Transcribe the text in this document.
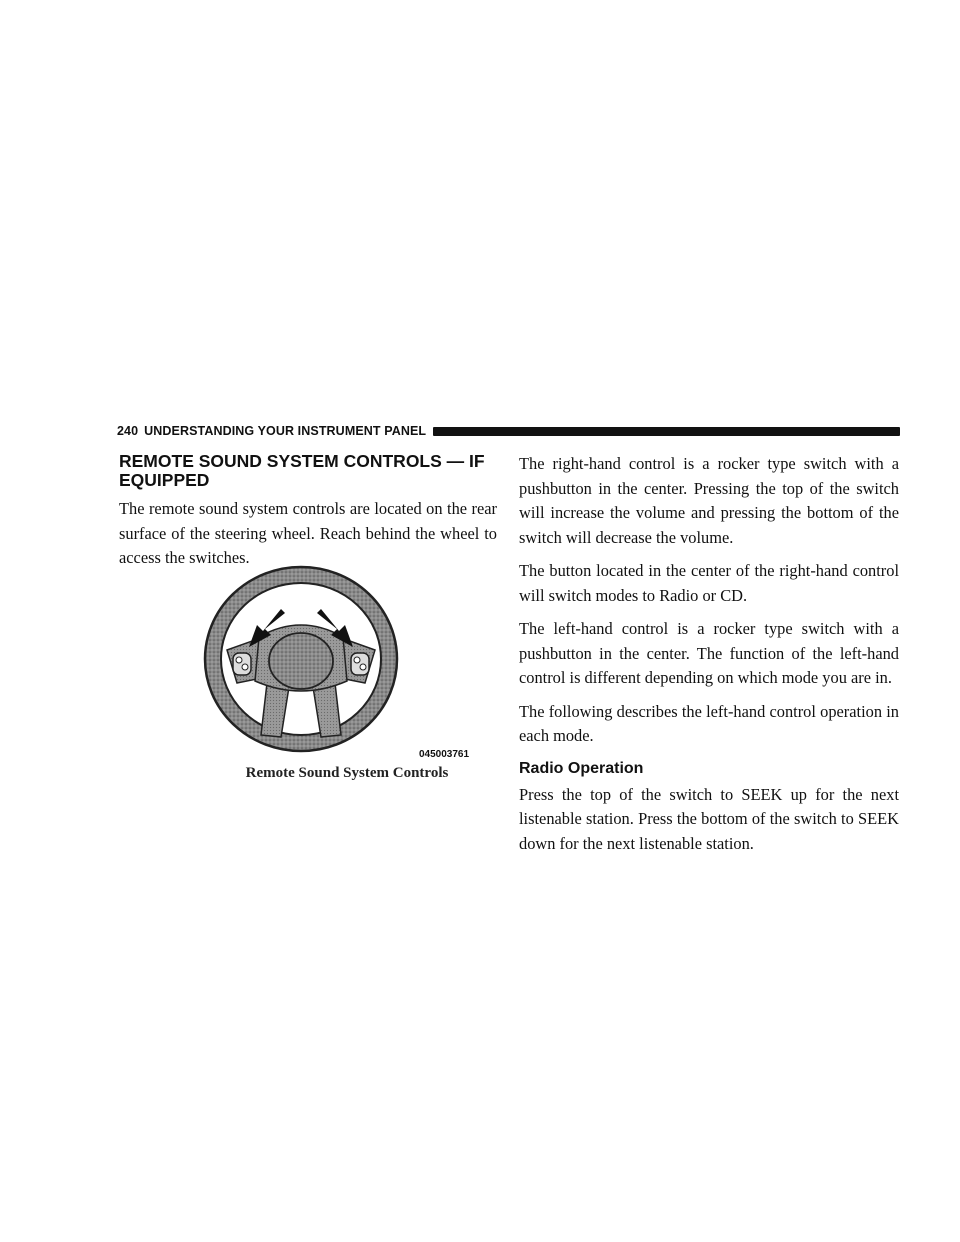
240 UNDERSTANDING YOUR INSTRUMENT PANEL
REMOTE SOUND SYSTEM CONTROLS — IF EQUIPPED

The remote sound system controls are located on the rear surface of the steering wheel. Reach behind the wheel to access the switches.

045003761
Remote Sound System Controls

The right-hand control is a rocker type switch with a pushbutton in the center. Pressing the top of the switch will increase the volume and pressing the bottom of the switch will decrease the volume.

The button located in the center of the right-hand control will switch modes to Radio or CD.

The left-hand control is a rocker type switch with a pushbutton in the center. The function of the left-hand control is different depending on which mode you are in.

The following describes the left-hand control operation in each mode.

Radio Operation

Press the top of the switch to SEEK up for the next listenable station. Press the bottom of the switch to SEEK down for the next listenable station.
